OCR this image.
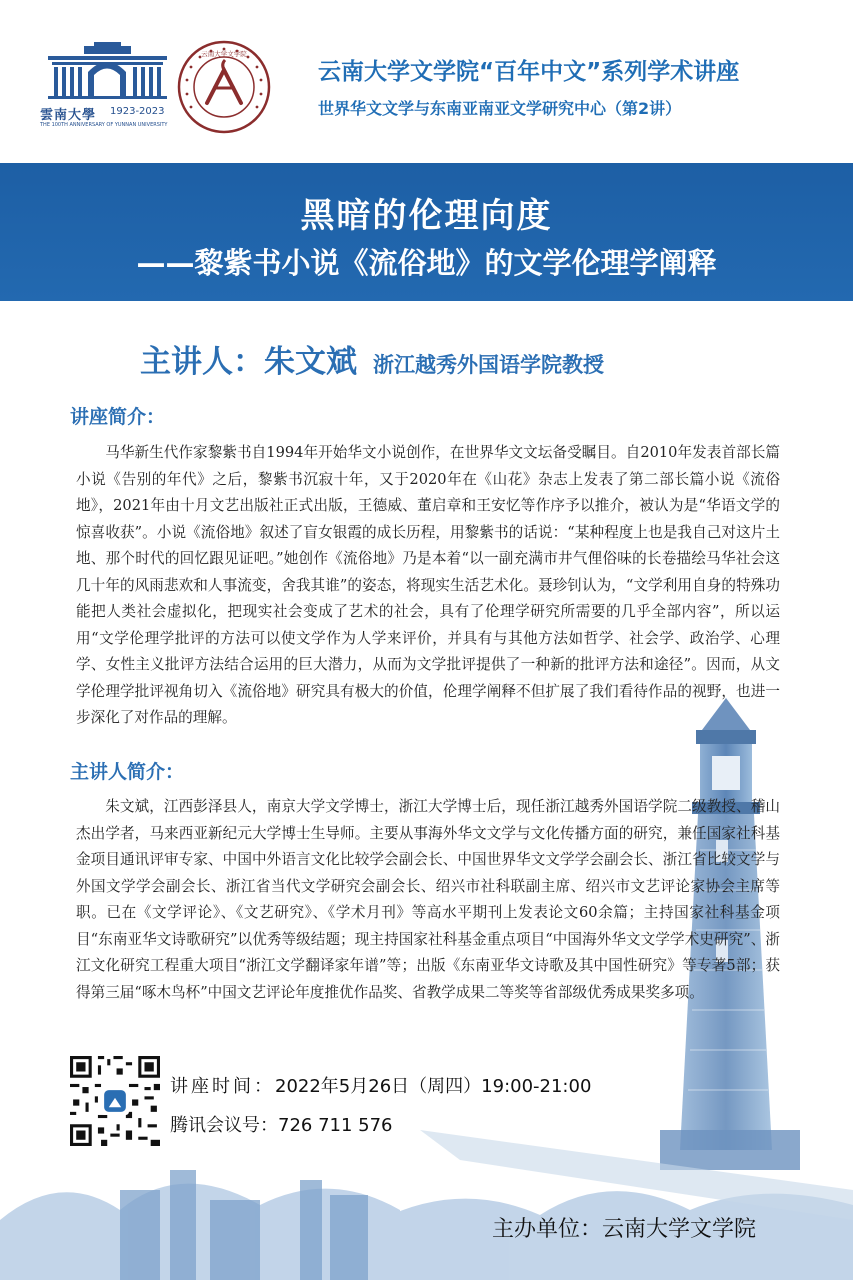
雲南大學 1923-2023
THE 100TH ANNIVERSARY OF YUNNAN UNIVERSITY
云南大学文学院
云南大学文学院“百年中文”系列学术讲座
世界华文文学与东南亚南亚文学研究中心（第2讲）
黑暗的伦理向度
——黎紫书小说《流俗地》的文学伦理学阐释
主讲人：朱文斌 浙江越秀外国语学院教授
讲座简介：

马华新生代作家黎紫书自1994年开始华文小说创作，在世界华文文坛备受瞩目。自2010年发表首部长篇小说《告别的年代》之后，黎紫书沉寂十年，又于2020年在《山花》杂志上发表了第二部长篇小说《流俗地》，2021年由十月文艺出版社正式出版，王德威、董启章和王安忆等作序予以推介，被认为是“华语文学的惊喜收获”。小说《流俗地》叙述了盲女银霞的成长历程，用黎紫书的话说：“某种程度上也是我自己对这片土地、那个时代的回忆跟见证吧。”她创作《流俗地》乃是本着“以一副充满市井气俚俗味的长卷描绘马华社会这几十年的风雨悲欢和人事流变，舍我其谁”的姿态，将现实生活艺术化。聂珍钊认为，“文学利用自身的特殊功能把人类社会虚拟化，把现实社会变成了艺术的社会，具有了伦理学研究所需要的几乎全部内容”，所以运用“文学伦理学批评的方法可以使文学作为人学来评价，并具有与其他方法如哲学、社会学、政治学、心理学、女性主义批评方法结合运用的巨大潜力，从而为文学批评提供了一种新的批评方法和途径”。因而，从文学伦理学批评视角切入《流俗地》研究具有极大的价值，伦理学阐释不但扩展了我们看待作品的视野，也进一步深化了对作品的理解。

主讲人简介：

朱文斌，江西彭泽县人，南京大学文学博士，浙江大学博士后，现任浙江越秀外国语学院二级教授、稽山杰出学者，马来西亚新纪元大学博士生导师。主要从事海外华文文学与文化传播方面的研究，兼任国家社科基金项目通讯评审专家、中国中外语言文化比较学会副会长、中国世界华文文学学会副会长、浙江省比较文学与外国文学学会副会长、浙江省当代文学研究会副会长、绍兴市社科联副主席、绍兴市文艺评论家协会主席等职。已在《文学评论》、《文艺研究》、《学术月刊》等高水平期刊上发表论文60余篇；主持国家社科基金项目“东南亚华文诗歌研究”以优秀等级结题；现主持国家社科基金重点项目“中国海外华文文学学术史研究”、浙江文化研究工程重大项目“浙江文学翻译家年谱”等；出版《东南亚华文诗歌及其中国性研究》等专著5部；获得第三届“啄木鸟杯”中国文艺评论年度推优作品奖、省教学成果二等奖等省部级优秀成果奖多项。

讲座时间：2022年5月26日（周四）19:00-21:00
腾讯会议号：726 711 576
主办单位：云南大学文学院
